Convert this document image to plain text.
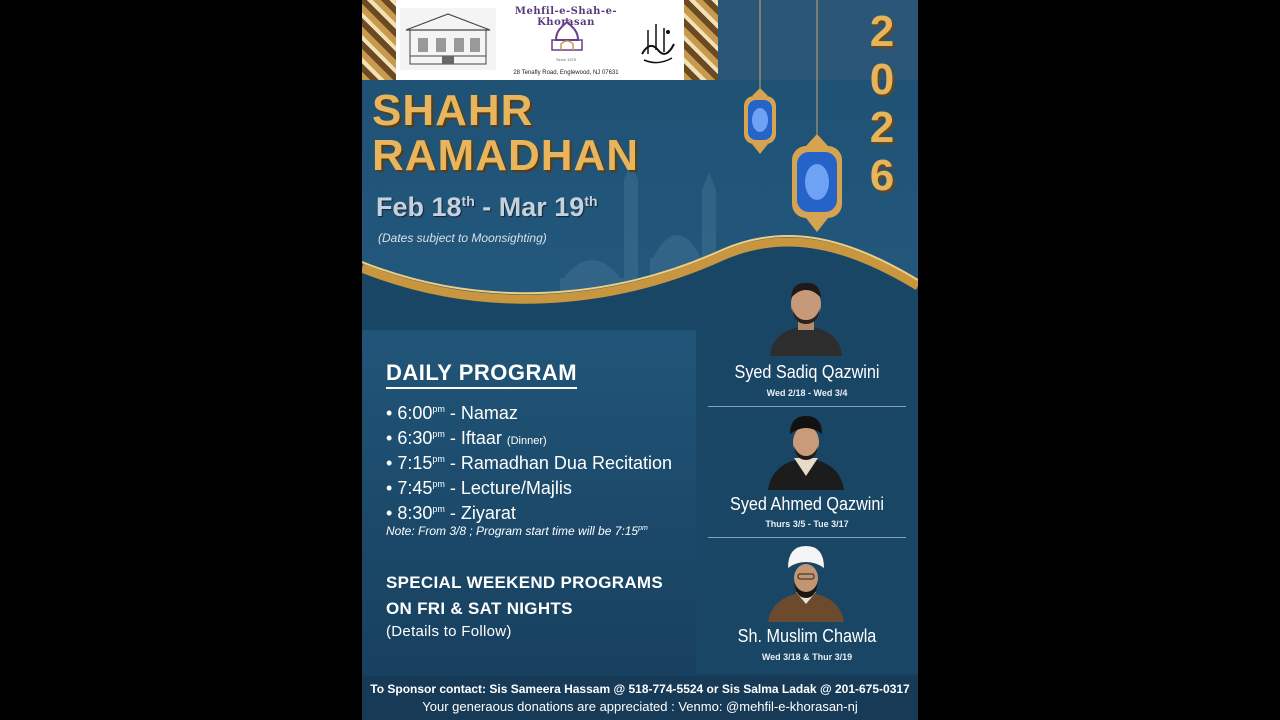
Mehfil-e-Shah-e-Khorasan
Since 1975
28 Tenafly Road, Englewood, NJ 07631
2
0
2
6
SHAHR
RAMADHAN
Feb 18th - Mar 19th
(Dates subject to Moonsighting)
Syed Sadiq Qazwini
Wed 2/18 - Wed 3/4
Syed Ahmed Qazwini
Thurs 3/5 - Tue 3/17
Sh. Muslim Chawla
Wed 3/18 & Thur 3/19
DAILY PROGRAM
• $6:00^{pm}$ - Namaz
• $6:30^{pm}$ - Iftaar (Dinner)
• $7:15^{pm}$ - Ramadhan Dua Recitation
• $7:45^{pm}$ - Lecture/Majlis
• $8:30^{pm}$ - Ziyarat
Note: From 3/8 ; Program start time will be $7:15^{pm}$
SPECIAL WEEKEND PROGRAMS
ON FRI & SAT NIGHTS
(Details to Follow)
To Sponsor contact: Sis Sameera Hassam @ 518-774-5524 or Sis Salma Ladak @ 201-675-0317
Your generaous donations are appreciated : Venmo: @mehfil-e-khorasan-nj
